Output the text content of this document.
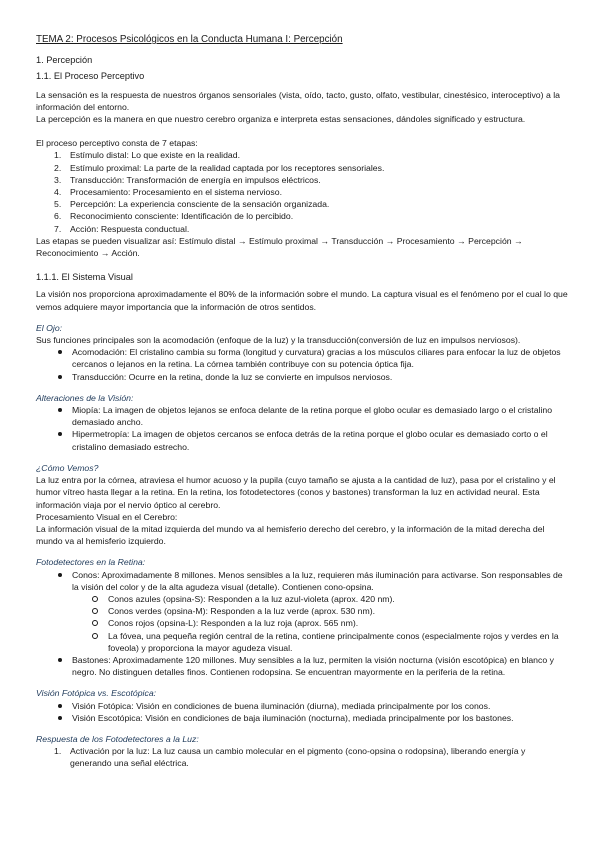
TEMA 2: Procesos Psicológicos en la Conducta Humana I: Percepción
1. Percepción
1.1. El Proceso Perceptivo

La sensación es la respuesta de nuestros órganos sensoriales (vista, oído, tacto, gusto, olfato, vestibular, cinestésico, interoceptivo) a la información del entorno.

La percepción es la manera en que nuestro cerebro organiza e interpreta estas sensaciones, dándoles significado y estructura.

El proceso perceptivo consta de 7 etapas:

1. Estímulo distal: Lo que existe en la realidad.
2. Estímulo proximal: La parte de la realidad captada por los receptores sensoriales.
3. Transducción: Transformación de energía en impulsos eléctricos.
4. Procesamiento: Procesamiento en el sistema nervioso.
5. Percepción: La experiencia consciente de la sensación organizada.
6. Reconocimiento consciente: Identificación de lo percibido.
7. Acción: Respuesta conductual.

Las etapas se pueden visualizar así: Estímulo distal → Estímulo proximal → Transducción → Procesamiento → Percepción → Reconocimiento → Acción.

1.1.1. El Sistema Visual

La visión nos proporciona aproximadamente el 80% de la información sobre el mundo. La captura visual es el fenómeno por el cual lo que vemos adquiere mayor importancia que la información de otros sentidos.

El Ojo:

Sus funciones principales son la acomodación (enfoque de la luz) y la transducción(conversión de luz en impulsos nerviosos).

Acomodación: El cristalino cambia su forma (longitud y curvatura) gracias a los músculos ciliares para enfocar la luz de objetos cercanos o lejanos en la retina. La córnea también contribuye con su potencia óptica fija.
Transducción: Ocurre en la retina, donde la luz se convierte en impulsos nerviosos.

Alteraciones de la Visión:

Miopía: La imagen de objetos lejanos se enfoca delante de la retina porque el globo ocular es demasiado largo o el cristalino demasiado ancho.
Hipermetropía: La imagen de objetos cercanos se enfoca detrás de la retina porque el globo ocular es demasiado corto o el cristalino demasiado estrecho.

¿Cómo Vemos?

La luz entra por la córnea, atraviesa el humor acuoso y la pupila (cuyo tamaño se ajusta a la cantidad de luz), pasa por el cristalino y el humor vítreo hasta llegar a la retina. En la retina, los fotodetectores (conos y bastones) transforman la luz en actividad neural. Esta información viaja por el nervio óptico al cerebro.

Procesamiento Visual en el Cerebro:

La información visual de la mitad izquierda del mundo va al hemisferio derecho del cerebro, y la información de la mitad derecha del mundo va al hemisferio izquierdo.

Fotodetectores en la Retina:

Conos: Aproximadamente 8 millones. Menos sensibles a la luz, requieren más iluminación para activarse. Son responsables de la visión del color y de la alta agudeza visual (detalle). Contienen cono-opsina.
Conos azules (opsina-S): Responden a la luz azul-violeta (aprox. 420 nm).
Conos verdes (opsina-M): Responden a la luz verde (aprox. 530 nm).
Conos rojos (opsina-L): Responden a la luz roja (aprox. 565 nm).
La fóvea, una pequeña región central de la retina, contiene principalmente conos (especialmente rojos y verdes en la foveola) y proporciona la mayor agudeza visual.
Bastones: Aproximadamente 120 millones. Muy sensibles a la luz, permiten la visión nocturna (visión escotópica) en blanco y negro. No distinguen detalles finos. Contienen rodopsina. Se encuentran mayormente en la periferia de la retina.

Visión Fotópica vs. Escotópica:

Visión Fotópica: Visión en condiciones de buena iluminación (diurna), mediada principalmente por los conos.
Visión Escotópica: Visión en condiciones de baja iluminación (nocturna), mediada principalmente por los bastones.

Respuesta de los Fotodetectores a la Luz:

1. Activación por la luz: La luz causa un cambio molecular en el pigmento (cono-opsina o rodopsina), liberando energía y generando una señal eléctrica.
